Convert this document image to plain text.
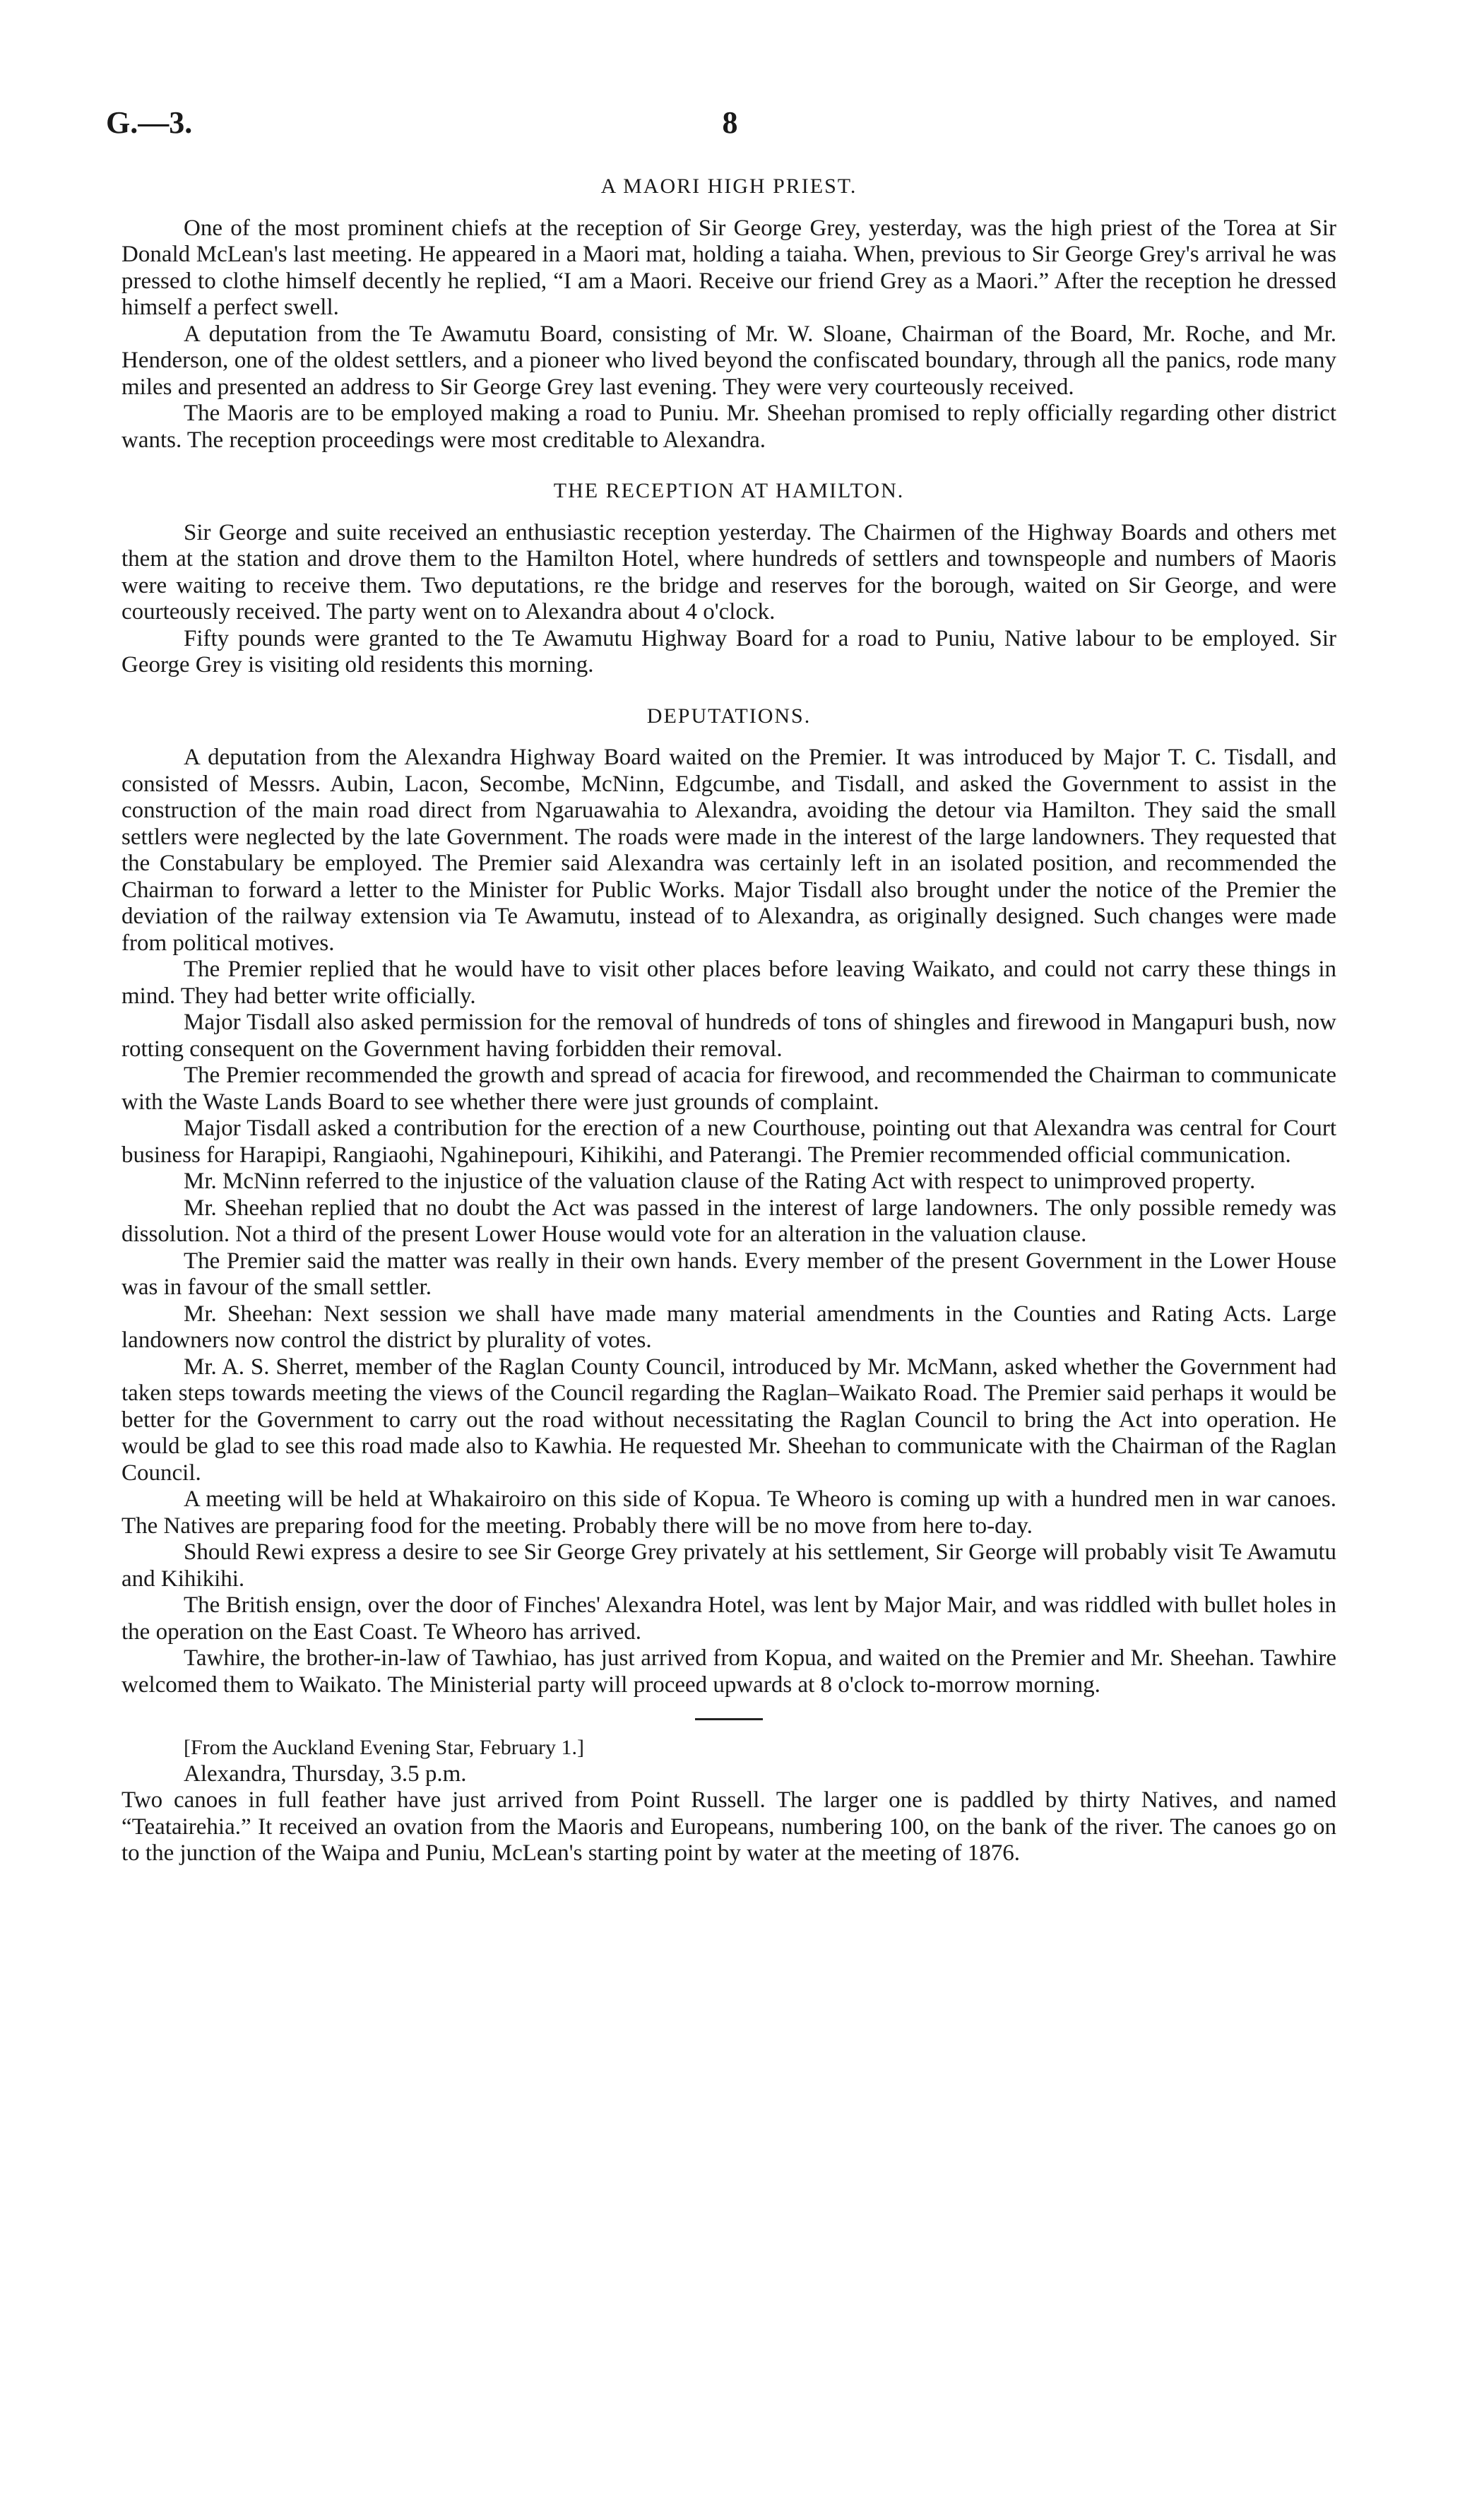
G.—3.	8
A MAORI HIGH PRIEST.

One of the most prominent chiefs at the reception of Sir George Grey, yesterday, was the high priest of the Torea at Sir Donald McLean's last meeting. He appeared in a Maori mat, holding a taiaha. When, previous to Sir George Grey's arrival he was pressed to clothe himself decently he replied, “I am a Maori. Receive our friend Grey as a Maori.” After the reception he dressed himself a perfect swell.

A deputation from the Te Awamutu Board, consisting of Mr. W. Sloane, Chairman of the Board, Mr. Roche, and Mr. Henderson, one of the oldest settlers, and a pioneer who lived beyond the confiscated boundary, through all the panics, rode many miles and presented an address to Sir George Grey last evening. They were very courteously received.

The Maoris are to be employed making a road to Puniu. Mr. Sheehan promised to reply officially regarding other district wants. The reception proceedings were most creditable to Alexandra.

THE RECEPTION AT HAMILTON.

Sir George and suite received an enthusiastic reception yesterday. The Chairmen of the Highway Boards and others met them at the station and drove them to the Hamilton Hotel, where hundreds of settlers and townspeople and numbers of Maoris were waiting to receive them. Two deputations, re the bridge and reserves for the borough, waited on Sir George, and were courteously received. The party went on to Alexandra about 4 o'clock.

Fifty pounds were granted to the Te Awamutu Highway Board for a road to Puniu, Native labour to be employed. Sir George Grey is visiting old residents this morning.

DEPUTATIONS.

A deputation from the Alexandra Highway Board waited on the Premier. It was introduced by Major T. C. Tisdall, and consisted of Messrs. Aubin, Lacon, Secombe, McNinn, Edgcumbe, and Tisdall, and asked the Government to assist in the construction of the main road direct from Ngaruawahia to Alexandra, avoiding the detour via Hamilton. They said the small settlers were neglected by the late Government. The roads were made in the interest of the large landowners. They requested that the Constabulary be employed. The Premier said Alexandra was certainly left in an isolated position, and recommended the Chairman to forward a letter to the Minister for Public Works. Major Tisdall also brought under the notice of the Premier the deviation of the railway extension via Te Awamutu, instead of to Alexandra, as originally designed. Such changes were made from political motives.

The Premier replied that he would have to visit other places before leaving Waikato, and could not carry these things in mind. They had better write officially.

Major Tisdall also asked permission for the removal of hundreds of tons of shingles and firewood in Mangapuri bush, now rotting consequent on the Government having forbidden their removal.

The Premier recommended the growth and spread of acacia for firewood, and recommended the Chairman to communicate with the Waste Lands Board to see whether there were just grounds of complaint.

Major Tisdall asked a contribution for the erection of a new Courthouse, pointing out that Alexandra was central for Court business for Harapipi, Rangiaohi, Ngahinepouri, Kihikihi, and Paterangi. The Premier recommended official communication.

Mr. McNinn referred to the injustice of the valuation clause of the Rating Act with respect to unimproved property.

Mr. Sheehan replied that no doubt the Act was passed in the interest of large landowners. The only possible remedy was dissolution. Not a third of the present Lower House would vote for an alteration in the valuation clause.

The Premier said the matter was really in their own hands. Every member of the present Government in the Lower House was in favour of the small settler.

Mr. Sheehan: Next session we shall have made many material amendments in the Counties and Rating Acts. Large landowners now control the district by plurality of votes.

Mr. A. S. Sherret, member of the Raglan County Council, introduced by Mr. McMann, asked whether the Government had taken steps towards meeting the views of the Council regarding the Raglan–Waikato Road. The Premier said perhaps it would be better for the Government to carry out the road without necessitating the Raglan Council to bring the Act into operation. He would be glad to see this road made also to Kawhia. He requested Mr. Sheehan to communicate with the Chairman of the Raglan Council.

A meeting will be held at Whakairoiro on this side of Kopua. Te Wheoro is coming up with a hundred men in war canoes. The Natives are preparing food for the meeting. Probably there will be no move from here to-day.

Should Rewi express a desire to see Sir George Grey privately at his settlement, Sir George will probably visit Te Awamutu and Kihikihi.

The British ensign, over the door of Finches' Alexandra Hotel, was lent by Major Mair, and was riddled with bullet holes in the operation on the East Coast. Te Wheoro has arrived.

Tawhire, the brother-in-law of Tawhiao, has just arrived from Kopua, and waited on the Premier and Mr. Sheehan. Tawhire welcomed them to Waikato. The Ministerial party will proceed upwards at 8 o'clock to-morrow morning.

[From the Auckland Evening Star, February 1.]

Alexandra, Thursday, 3.5 p.m.

Two canoes in full feather have just arrived from Point Russell. The larger one is paddled by thirty Natives, and named “Teatairehia.” It received an ovation from the Maoris and Europeans, numbering 100, on the bank of the river. The canoes go on to the junction of the Waipa and Puniu, McLean's starting point by water at the meeting of 1876.
